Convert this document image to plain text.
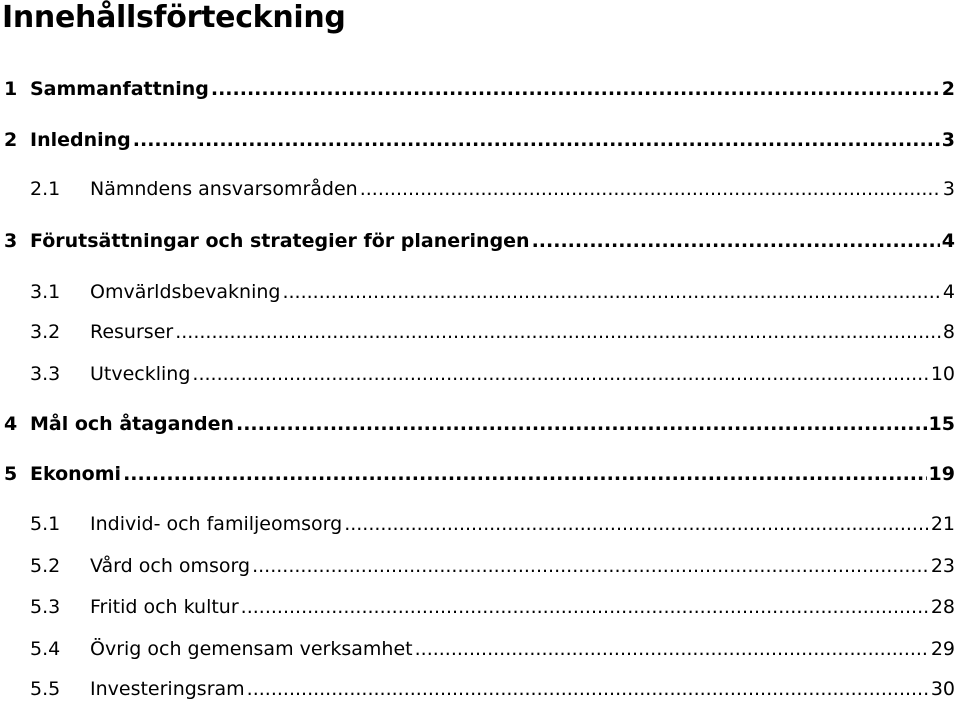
Innehållsförteckning
1 Sammanfattning .....	2
2 Inledning .....	3
2.1 Nämndens ansvarsområden .....	3
3 Förutsättningar och strategier för planeringen .....	4
3.1 Omvärldsbevakning .....	4
3.2 Resurser .....	8
3.3 Utveckling .....	10
4 Mål och åtaganden .....	15
5 Ekonomi .....	19
5.1 Individ- och familjeomsorg .....	21
5.2 Vård och omsorg .....	23
5.3 Fritid och kultur .....	28
5.4 Övrig och gemensam verksamhet .....	29
5.5 Investeringsram .....	30
